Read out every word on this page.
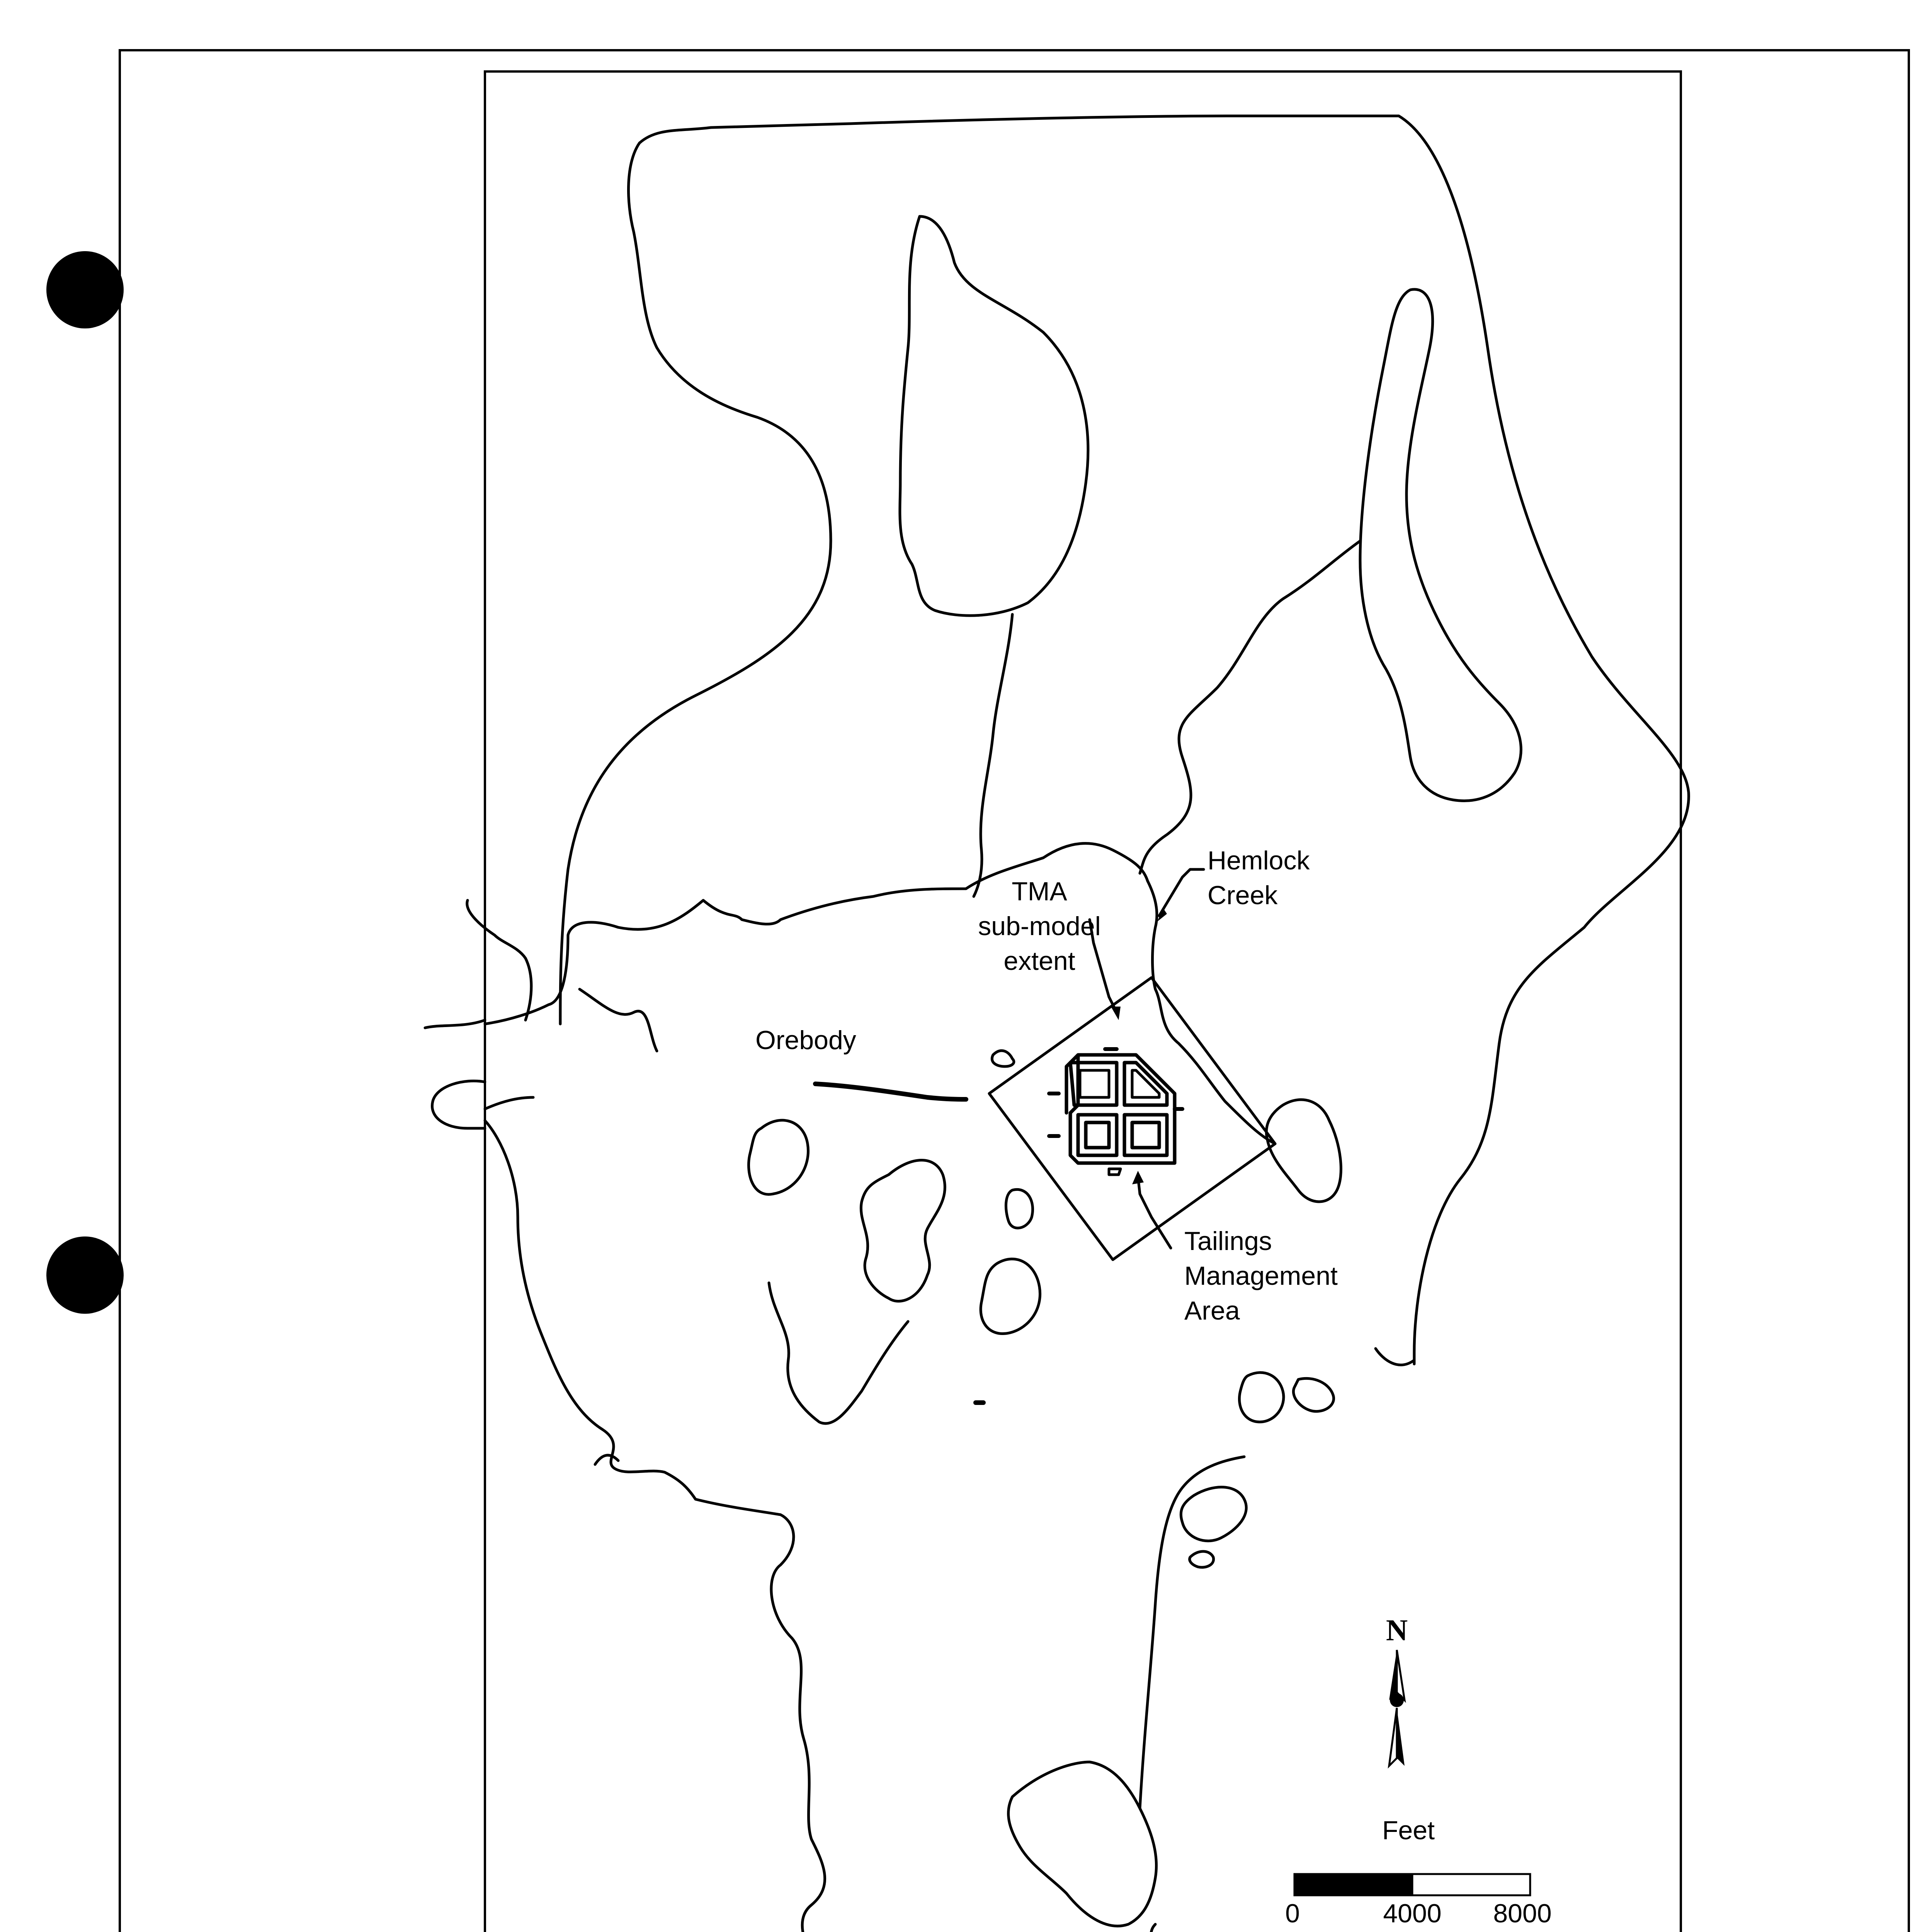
Hemlock
Creek
TMA
sub-model
extent
Orebody
Tailings
Management
Area
N
Feet
0	4000 8000
